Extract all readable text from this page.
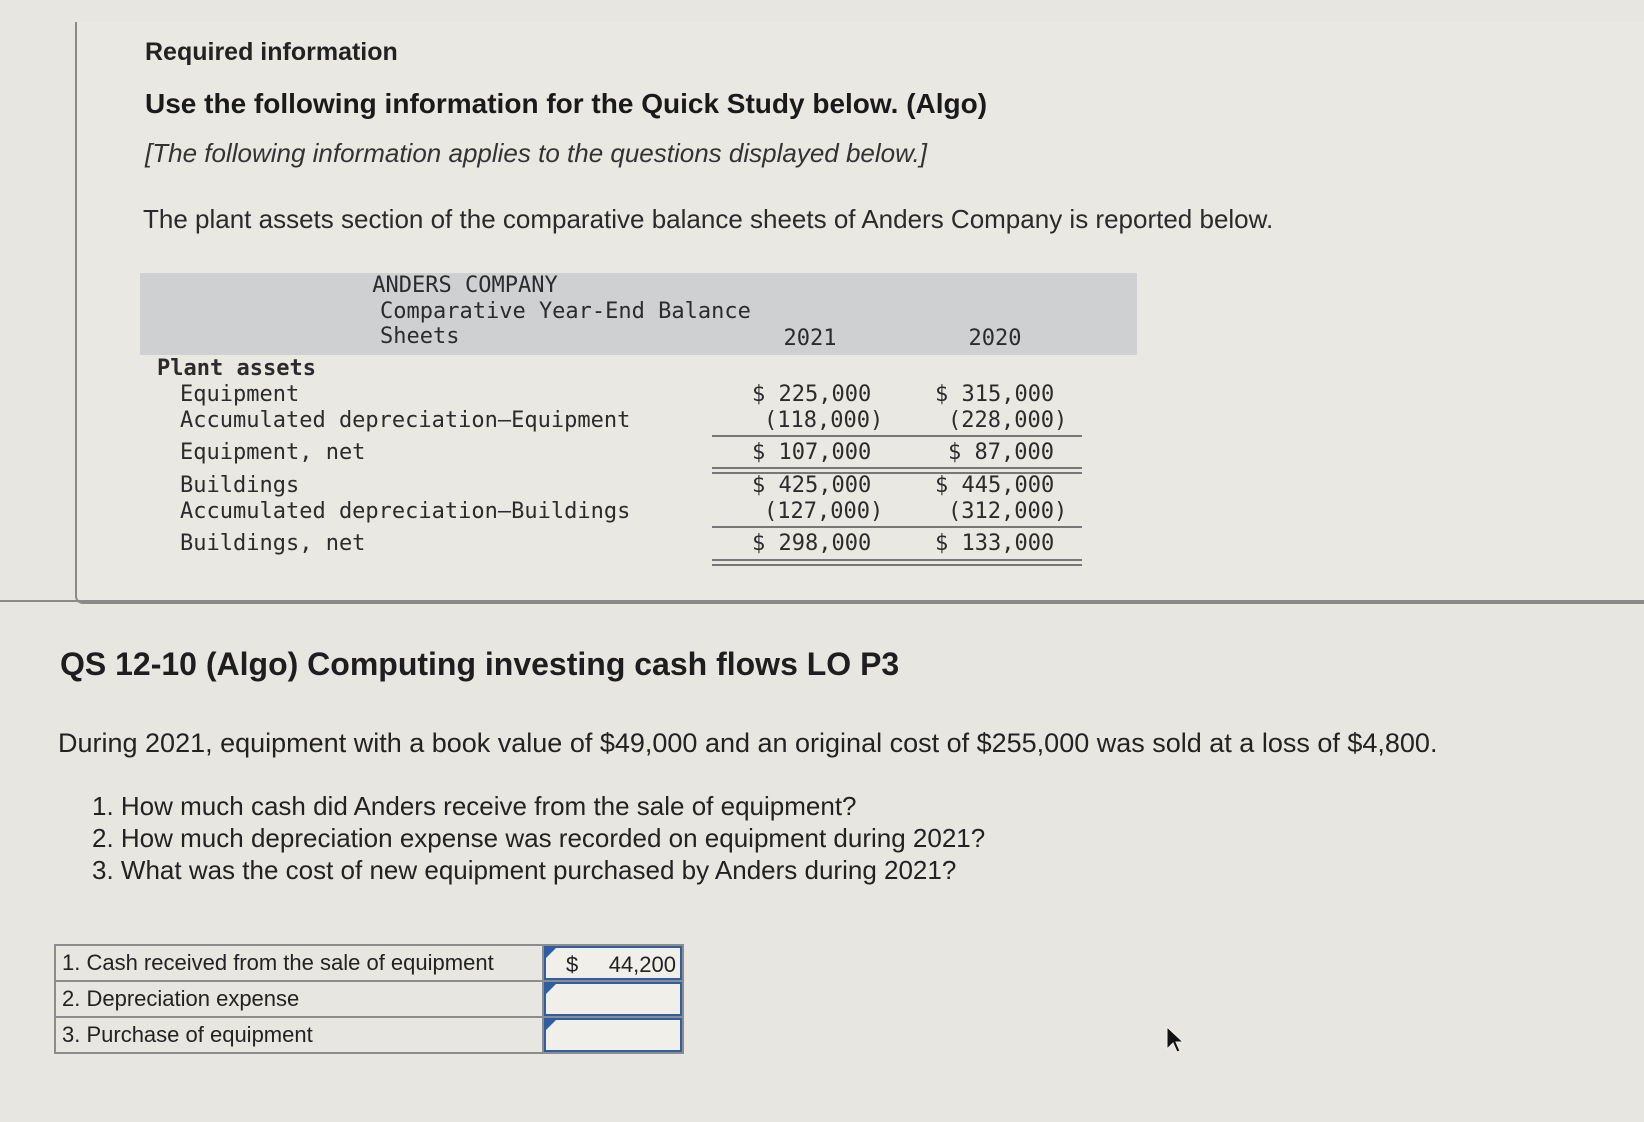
Required information
Use the following information for the Quick Study below. (Algo)
[The following information applies to the questions displayed below.]
The plant assets section of the comparative balance sheets of Anders Company is reported below.
ANDERS COMPANY
Comparative Year-End Balance Sheets	2021	2020
Plant assets
Equipment	$ 225,000	$ 315,000
Accumulated depreciation—Equipment	(118,000)	(228,000)
Equipment, net	$ 107,000	$ 87,000
Buildings	$ 425,000	$ 445,000
Accumulated depreciation—Buildings	(127,000)	(312,000)
Buildings, net	$ 298,000	$ 133,000
QS 12-10 (Algo) Computing investing cash flows LO P3
During 2021, equipment with a book value of $49,000 and an original cost of $255,000 was sold at a loss of $4,800.
1. How much cash did Anders receive from the sale of equipment?
2. How much depreciation expense was recorded on equipment during 2021?
3. What was the cost of new equipment purchased by Anders during 2021?
1. Cash received from the sale of equipment	$ 44,200

2. Depreciation expense	

3. Purchase of equipment	
